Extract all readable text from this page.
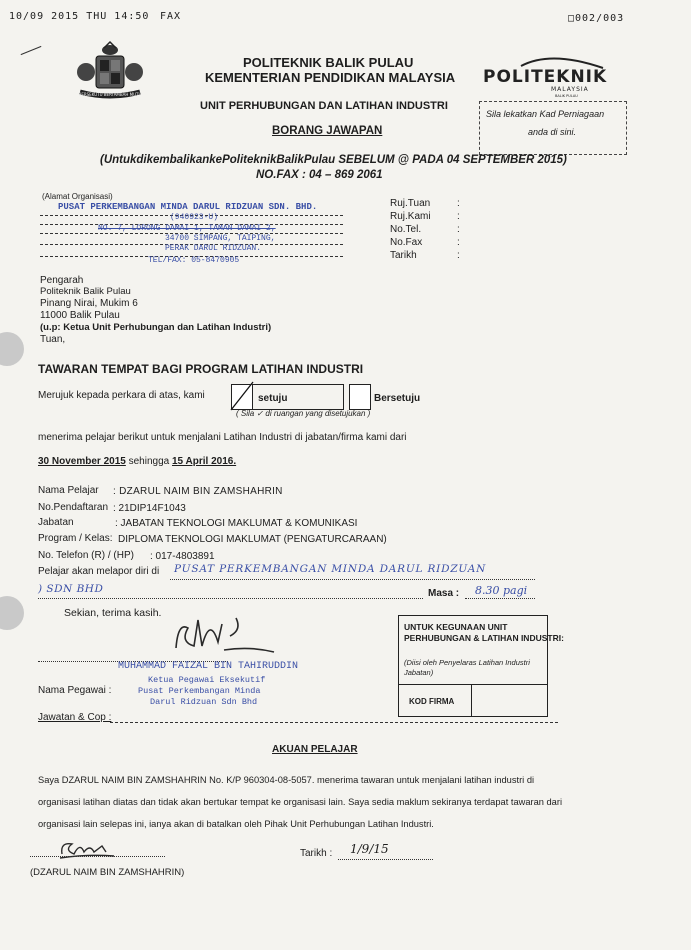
10/09 2015 THU 14:50 FAX	□002/003
BERSEKUTU BERTAMBAH MUTU
POLITEKNIK BALIK PULAU
KEMENTERIAN PENDIDIKAN MALAYSIA
UNIT PERHUBUNGAN DAN LATIHAN INDUSTRI
BORANG JAWAPAN
POLITEKNIK
MALAYSIA
BALIK PULAU
Sila lekatkan Kad Perniagaan
anda di sini.
(UntukdikembalikankePoliteknikBalikPulau SEBELUM @ PADA 04 SEPTEMBER 2015)
NO.FAX : 04 – 869 2061
(Alamat Organisasi)
PUSAT PERKEMBANGAN MINDA DARUL RIDZUAN SDN. BHD.
(940923-U)
NO. 7, LORONG DAMAI 1, TAMAN DAMAI 2,
34700 SIMPANG, TAIPING,
PERAK DARUL RIDZUAN.
TEL/FAX: 05-8470905
Ruj.Tuan	:
Ruj.Kami	:
No.Tel.	:
No.Fax	:
Tarikh	:
Pengarah
Politeknik Balik Pulau
Pinang Nirai, Mukim 6
11000 Balik Pulau
(u.p: Ketua Unit Perhubungan dan Latihan Industri)
Tuan,
TAWARAN TEMPAT BAGI PROGRAM LATIHAN INDUSTRI
Merujuk kepada perkara di atas, kami	setuju	Bersetuju
( Sila ✓ di ruangan yang disetujukan )
menerima pelajar berikut untuk menjalani Latihan Industri di jabatan/firma kami dari
30 November 2015 sehingga 15 April 2016.
Nama Pelajar : DZARUL NAIM BIN ZAMSHAHRIN
No.Pendaftaran : 21DIP14F1043
Jabatan	: JABATAN TEKNOLOGI MAKLUMAT & KOMUNIKASI
Program / Kelas: DIPLOMA TEKNOLOGI MAKLUMAT (PENGATURCARAAN)
No. Telefon (R) / (HP) : 017-4803891
Pelajar akan melapor diri di PUSAT PERKEMBANGAN MINDA DARUL RIDZUAN
) SDN BHD	Masa : 8.30 pagi
Sekian, terima kasih.
MUHAMMAD FAIZAL BIN TAHIRUDDIN
Ketua Pegawai Eksekutif
Pusat Perkembangan Minda
Darul Ridzuan Sdn Bhd
Nama Pegawai :
Jawatan & Cop :
UNTUK KEGUNAAN UNIT
PERHUBUNGAN & LATIHAN INDUSTRI:
(Diisi oleh Penyelaras Latihan Industri
Jabatan)
KOD FIRMA
AKUAN PELAJAR
Saya DZARUL NAIM BIN ZAMSHAHRIN No. K/P 960304-08-5057. menerima tawaran untuk menjalani latihan industri di
organisasi latihan diatas dan tidak akan bertukar tempat ke organisasi lain. Saya sedia maklum sekiranya terdapat tawaran dari
organisasi lain selepas ini, ianya akan di batalkan oleh Pihak Unit Perhubungan Latihan Industri.
Tarikh : 1/9/15
(DZARUL NAIM BIN ZAMSHAHRIN)
